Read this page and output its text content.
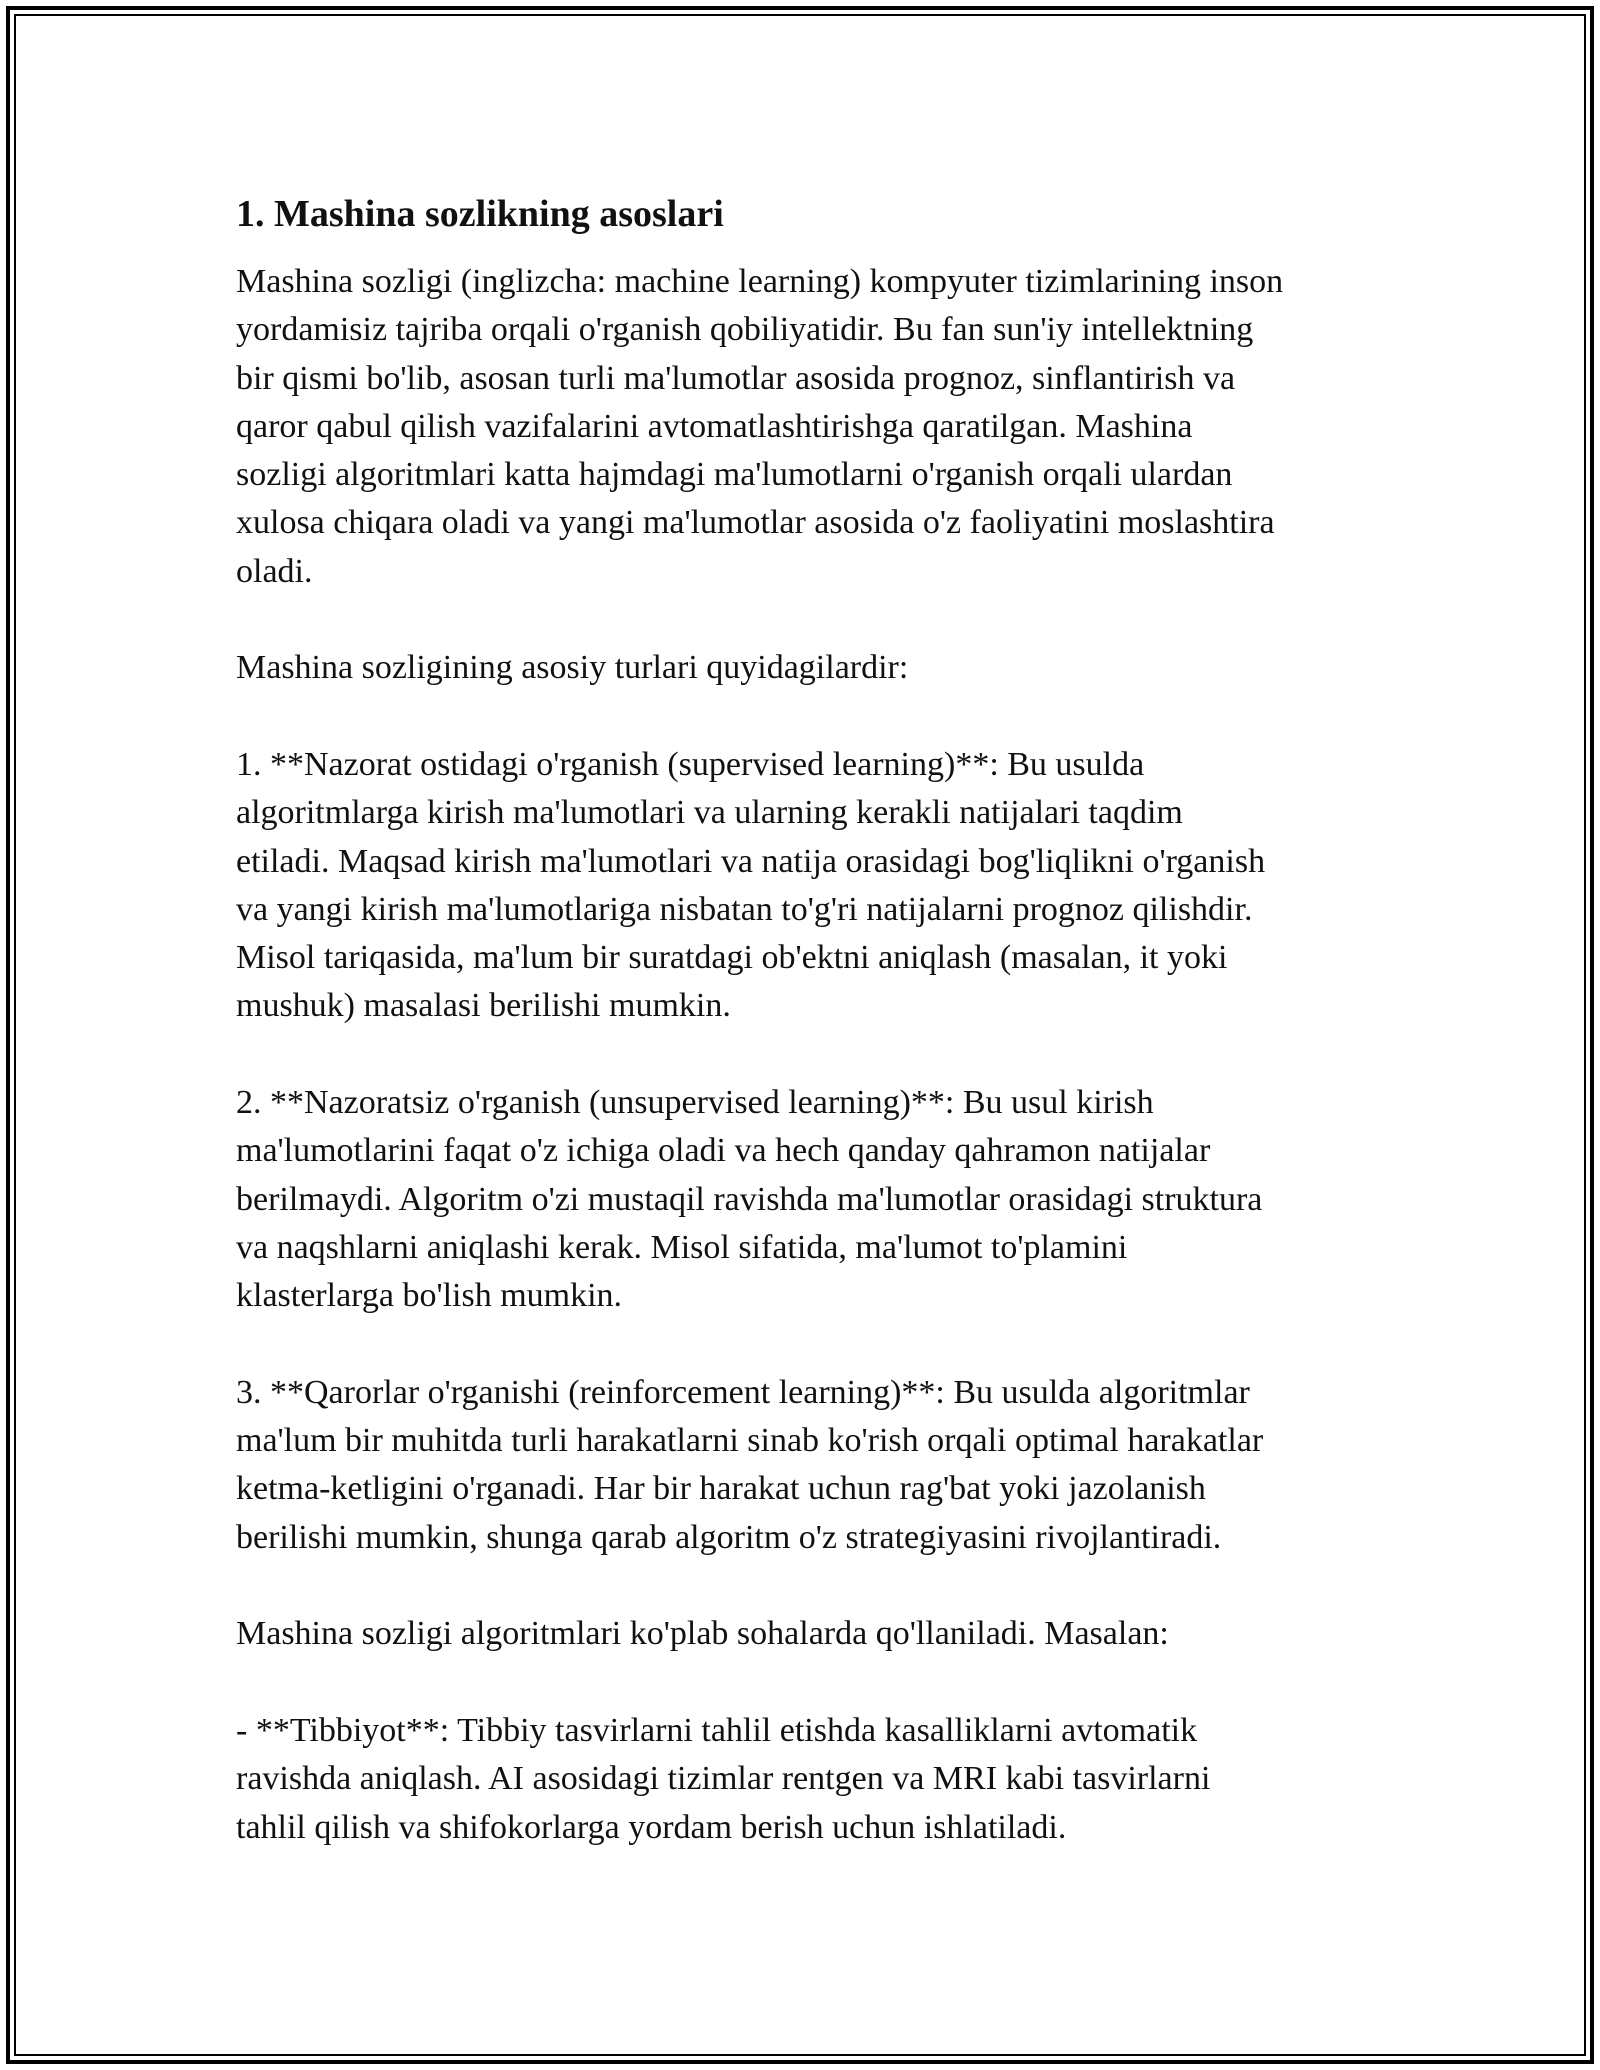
1. Mashina sozlikning asoslari
Mashina sozligi (inglizcha: machine learning) kompyuter tizimlarining inson
yordamisiz tajriba orqali o'rganish qobiliyatidir. Bu fan sun'iy intellektning
bir qismi bo'lib, asosan turli ma'lumotlar asosida prognoz, sinflantirish va
qaror qabul qilish vazifalarini avtomatlashtirishga qaratilgan. Mashina
sozligi algoritmlari katta hajmdagi ma'lumotlarni o'rganish orqali ulardan
xulosa chiqara oladi va yangi ma'lumotlar asosida o'z faoliyatini moslashtira
oladi.
Mashina sozligining asosiy turlari quyidagilardir:
1. **Nazorat ostidagi o'rganish (supervised learning)**: Bu usulda
algoritmlarga kirish ma'lumotlari va ularning kerakli natijalari taqdim
etiladi. Maqsad kirish ma'lumotlari va natija orasidagi bog'liqlikni o'rganish
va yangi kirish ma'lumotlariga nisbatan to'g'ri natijalarni prognoz qilishdir.
Misol tariqasida, ma'lum bir suratdagi ob'ektni aniqlash (masalan, it yoki
mushuk) masalasi berilishi mumkin.
2. **Nazoratsiz o'rganish (unsupervised learning)**: Bu usul kirish
ma'lumotlarini faqat o'z ichiga oladi va hech qanday qahramon natijalar
berilmaydi. Algoritm o'zi mustaqil ravishda ma'lumotlar orasidagi struktura
va naqshlarni aniqlashi kerak. Misol sifatida, ma'lumot to'plamini
klasterlarga bo'lish mumkin.
3. **Qarorlar o'rganishi (reinforcement learning)**: Bu usulda algoritmlar
ma'lum bir muhitda turli harakatlarni sinab ko'rish orqali optimal harakatlar
ketma-ketligini o'rganadi. Har bir harakat uchun rag'bat yoki jazolanish
berilishi mumkin, shunga qarab algoritm o'z strategiyasini rivojlantiradi.
Mashina sozligi algoritmlari ko'plab sohalarda qo'llaniladi. Masalan:
- **Tibbiyot**: Tibbiy tasvirlarni tahlil etishda kasalliklarni avtomatik
ravishda aniqlash. AI asosidagi tizimlar rentgen va MRI kabi tasvirlarni
tahlil qilish va shifokorlarga yordam berish uchun ishlatiladi.
